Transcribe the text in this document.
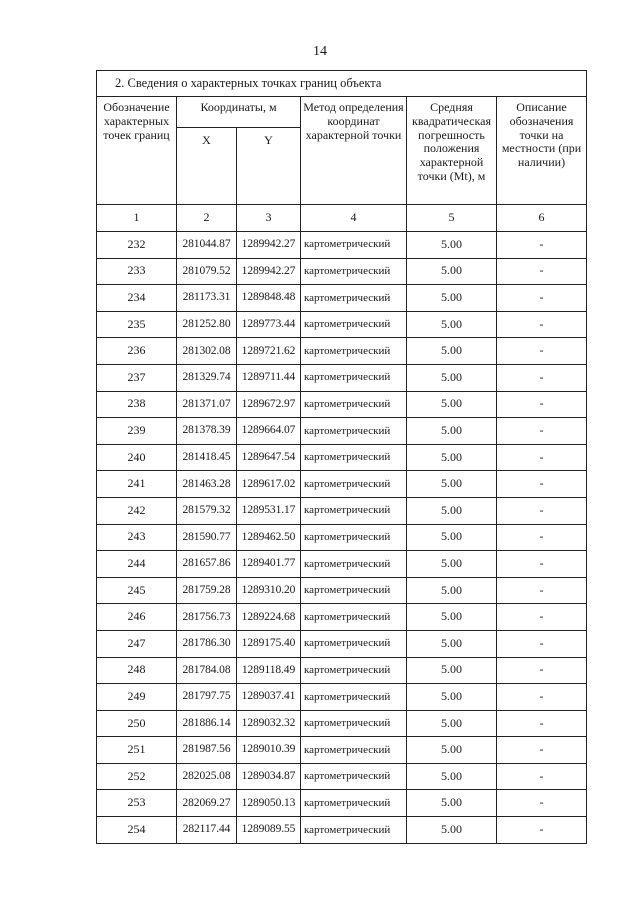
14
2. Сведения о характерных точках границ объекта					
Обозначение характерных точек границ	Координаты, м		Метод определения координат характерной точки	Средняя квадратическая погрешность положения характерной точки (Mt), м	Описание обозначения точки на местности (при наличии)
	X	Y			
1	2	3	4	5	6
232	281044.87	1289942.27	картометрический	5.00	-
233	281079.52	1289942.27	картометрический	5.00	-
234	281173.31	1289848.48	картометрический	5.00	-
235	281252.80	1289773.44	картометрический	5.00	-
236	281302.08	1289721.62	картометрический	5.00	-
237	281329.74	1289711.44	картометрический	5.00	-
238	281371.07	1289672.97	картометрический	5.00	-
239	281378.39	1289664.07	картометрический	5.00	-
240	281418.45	1289647.54	картометрический	5.00	-
241	281463.28	1289617.02	картометрический	5.00	-
242	281579.32	1289531.17	картометрический	5.00	-
243	281590.77	1289462.50	картометрический	5.00	-
244	281657.86	1289401.77	картометрический	5.00	-
245	281759.28	1289310.20	картометрический	5.00	-
246	281756.73	1289224.68	картометрический	5.00	-
247	281786.30	1289175.40	картометрический	5.00	-
248	281784.08	1289118.49	картометрический	5.00	-
249	281797.75	1289037.41	картометрический	5.00	-
250	281886.14	1289032.32	картометрический	5.00	-
251	281987.56	1289010.39	картометрический	5.00	-
252	282025.08	1289034.87	картометрический	5.00	-
253	282069.27	1289050.13	картометрический	5.00	-
254	282117.44	1289089.55	картометрический	5.00	-
